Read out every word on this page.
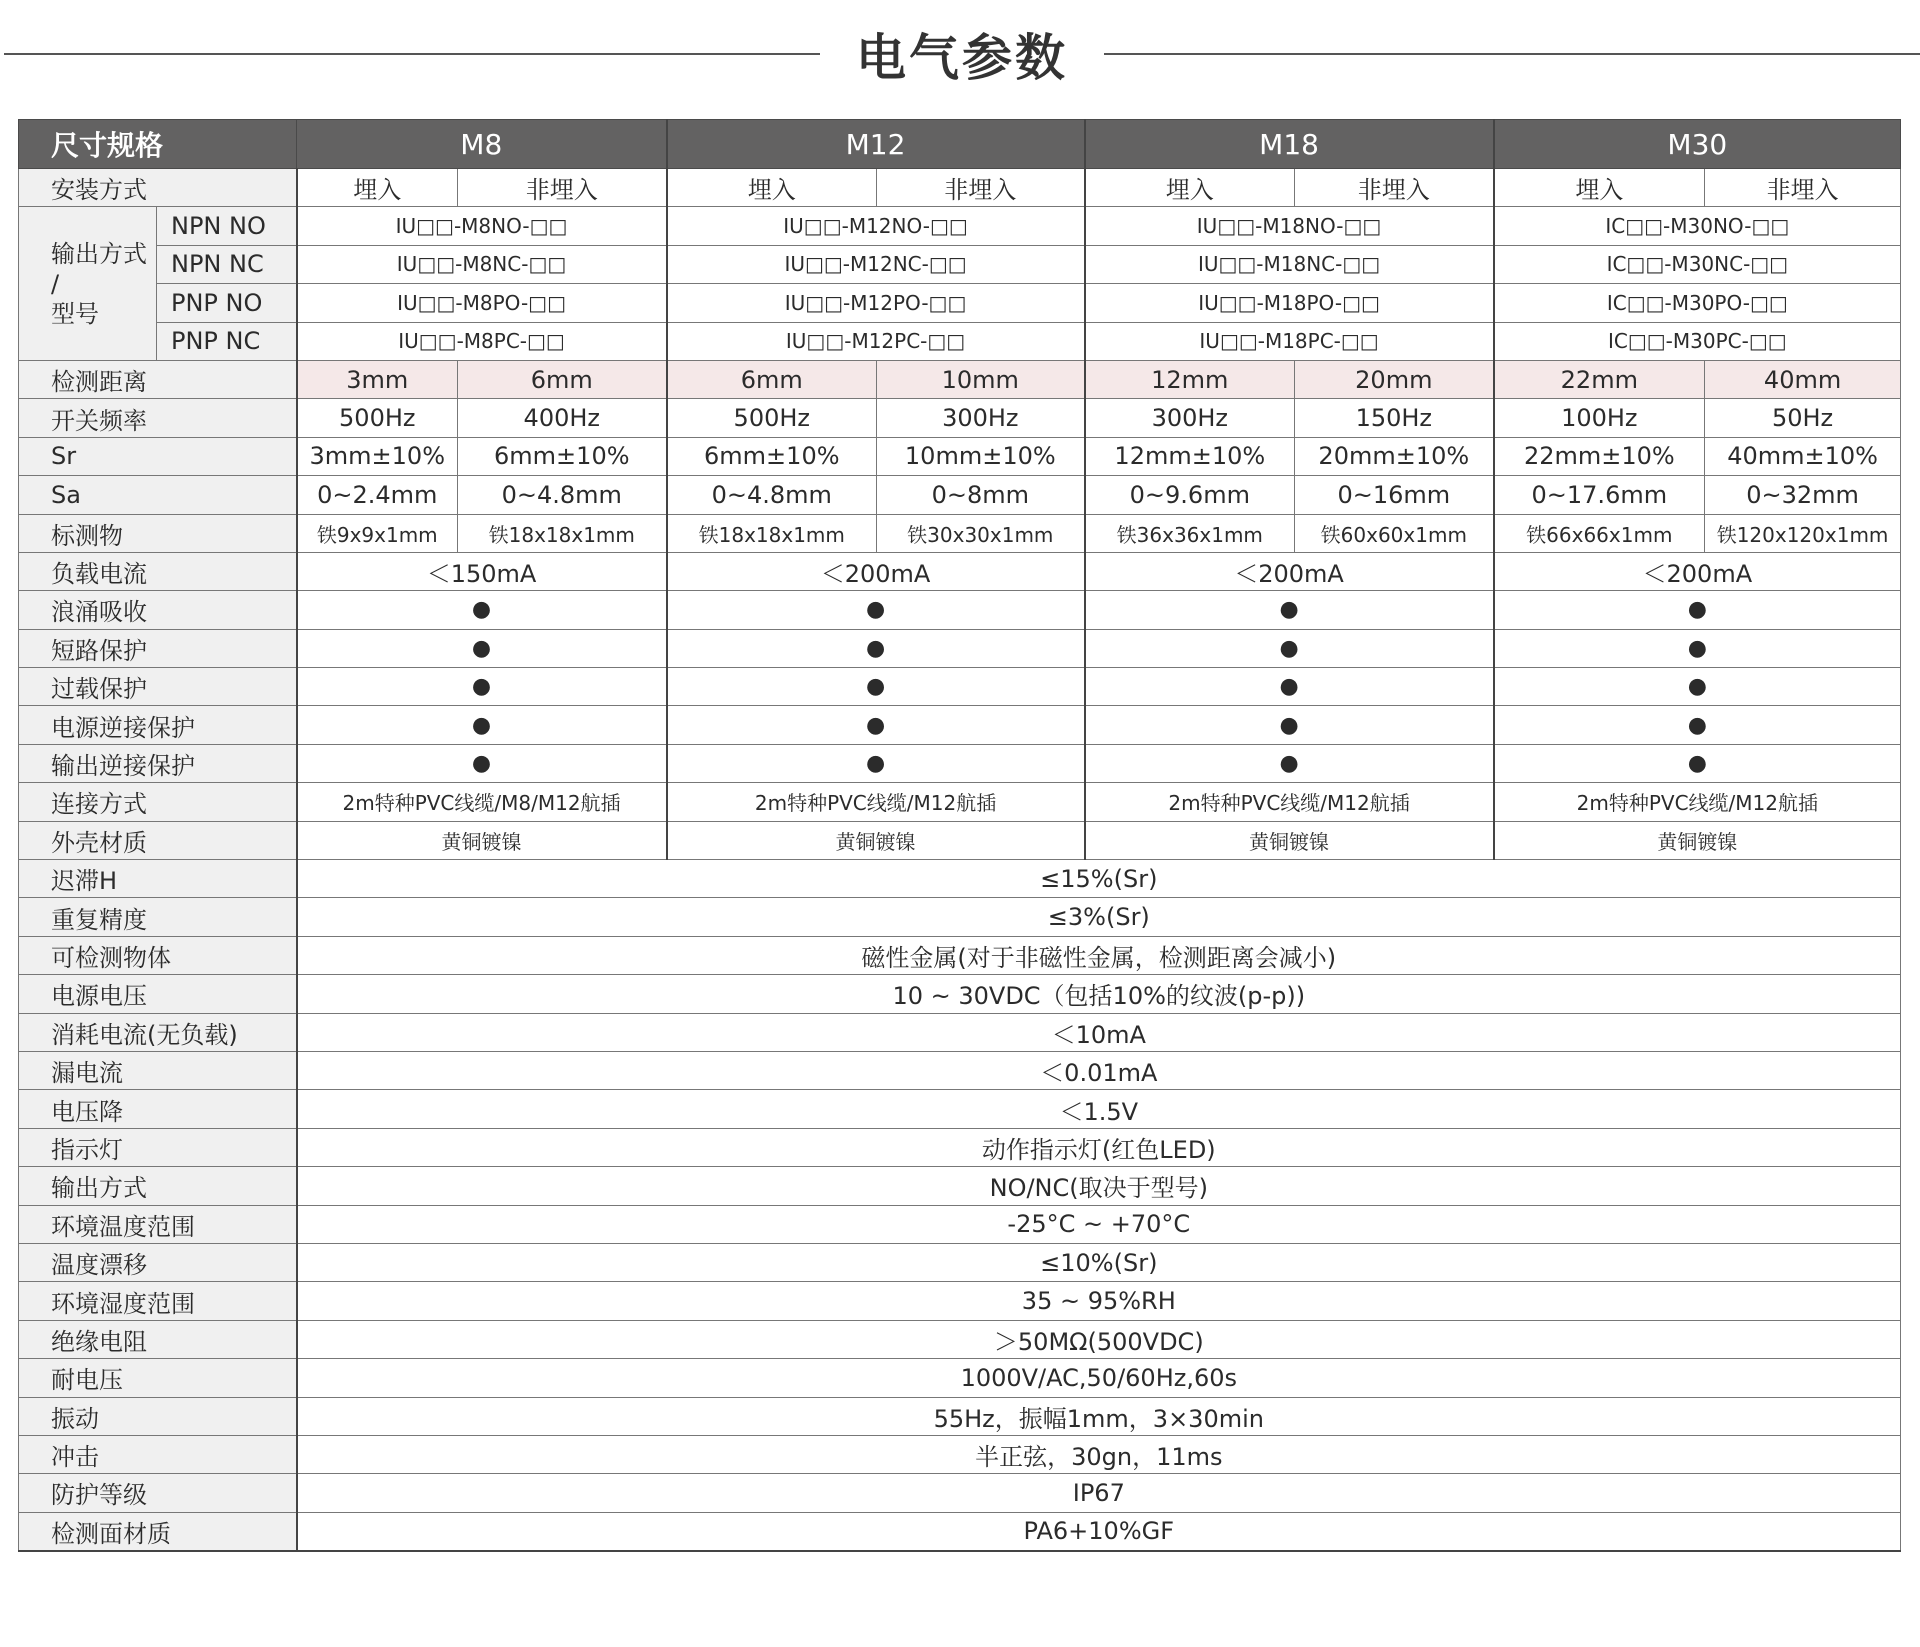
电气参数
尺寸规格		M8		M12		M18		M30	
安装方式		埋入	非埋入	埋入	非埋入	埋入	非埋入	埋入	非埋入
输出方式
/
型号	NPN NO	IU□□-M8NO-□□		IU□□-M12NO-□□		IU□□-M18NO-□□		IC□□-M30NO-□□	
	NPN NC	IU□□-M8NC-□□		IU□□-M12NC-□□		IU□□-M18NC-□□		IC□□-M30NC-□□	
	PNP NO	IU□□-M8PO-□□		IU□□-M12PO-□□		IU□□-M18PO-□□		IC□□-M30PO-□□	
	PNP NC	IU□□-M8PC-□□		IU□□-M12PC-□□		IU□□-M18PC-□□		IC□□-M30PC-□□	
检测距离		3mm	6mm	6mm	10mm	12mm	20mm	22mm	40mm
开关频率		500Hz	400Hz	500Hz	300Hz	300Hz	150Hz	100Hz	50Hz
Sr		3mm±10%	6mm±10%	6mm±10%	10mm±10%	12mm±10%	20mm±10%	22mm±10%	40mm±10%
Sa		0~2.4mm	0~4.8mm	0~4.8mm	0~8mm	0~9.6mm	0~16mm	0~17.6mm	0~32mm
标测物		铁9x9x1mm	铁18x18x1mm	铁18x18x1mm	铁30x30x1mm	铁36x36x1mm	铁60x60x1mm	铁66x66x1mm	铁120x120x1mm
负载电流		＜150mA		＜200mA		＜200mA		＜200mA	
浪涌吸收		●		●		●		●	
短路保护		●		●		●		●	
过载保护		●		●		●		●	
电源逆接保护		●		●		●		●	
输出逆接保护		●		●		●		●	
连接方式		2m特种PVC线缆/M8/M12航插		2m特种PVC线缆/M12航插		2m特种PVC线缆/M12航插		2m特种PVC线缆/M12航插	
外壳材质		黄铜镀镍		黄铜镀镍		黄铜镀镍		黄铜镀镍	
迟滞H		≤15%(Sr)							
重复精度		≤3%(Sr)							
可检测物体		磁性金属(对于非磁性金属，检测距离会减小)							
电源电压		10 ~ 30VDC（包括10%的纹波(p-p))							
消耗电流(无负载)		＜10mA							
漏电流		＜0.01mA							
电压降		＜1.5V							
指示灯		动作指示灯(红色LED)							
输出方式		NO/NC(取决于型号)							
环境温度范围		-25°C ~ +70°C							
温度漂移		≤10%(Sr)							
环境湿度范围		35 ~ 95%RH							
绝缘电阻		＞50MΩ(500VDC)							
耐电压		1000V/AC,50/60Hz,60s							
振动		55Hz，振幅1mm，3×30min							
冲击		半正弦，30gn，11ms							
防护等级		IP67							
检测面材质		PA6+10%GF							
